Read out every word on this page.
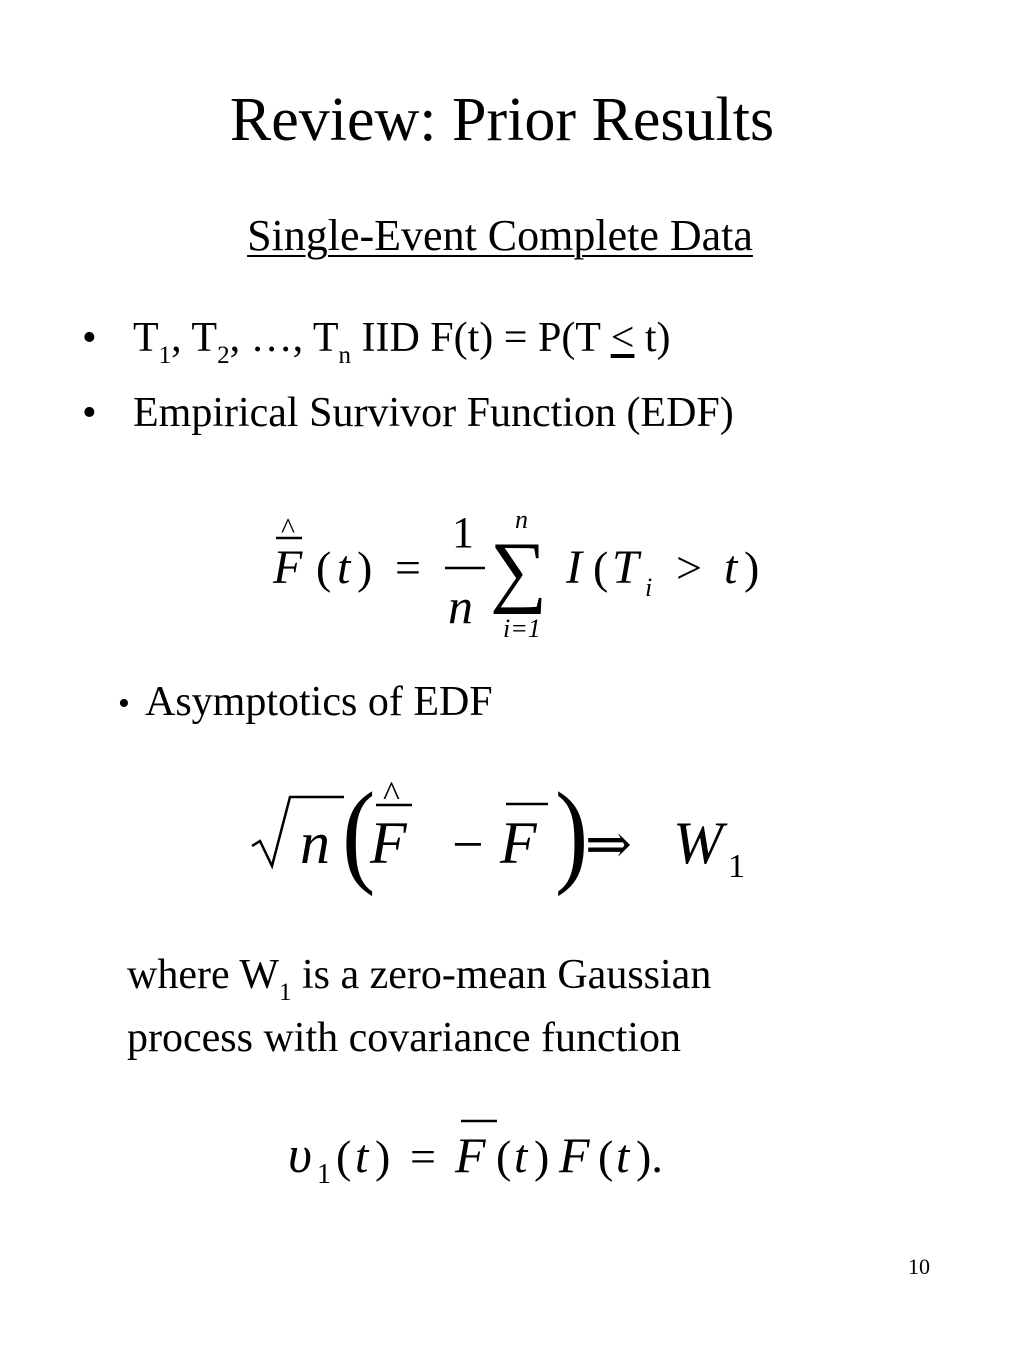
Review: Prior Results
Single-Event Complete Data
• $T_1$, $T_2$, …, $T_n$ IID F(t) = P(T ≤ t)
• Empirical Survivor Function (EDF)
F
^
( t ) =
1
n
n
∑
i=1
I ( T i > t )
• Asymptotics of EDF
n (
F
^
− F )
⇒ W 1
where $W_1$ is a zero-mean Gaussian
process with covariance function
υ 1 ( t ) = F ( t ) F ( t ).
10
